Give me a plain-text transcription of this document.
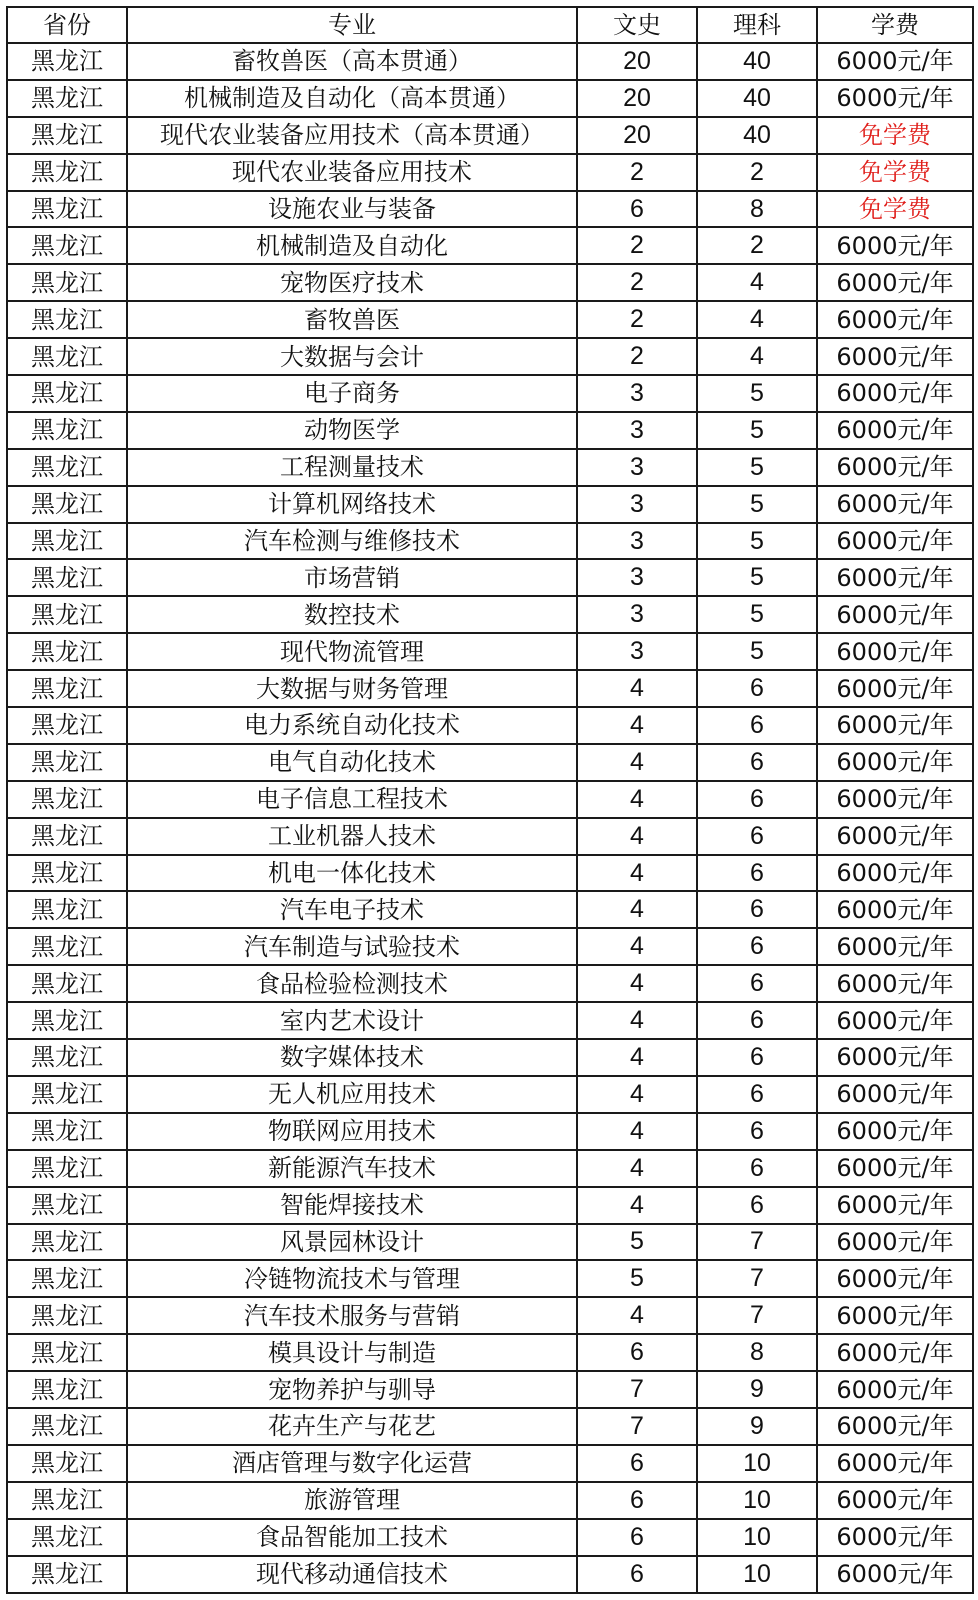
省份	专业	文史	理科	学费
黑龙江	畜牧兽医（高本贯通）	20	40	6000元/年
黑龙江	机械制造及自动化（高本贯通）	20	40	6000元/年
黑龙江	现代农业装备应用技术（高本贯通）	20	40	免学费
黑龙江	现代农业装备应用技术	2	2	免学费
黑龙江	设施农业与装备	6	8	免学费
黑龙江	机械制造及自动化	2	2	6000元/年
黑龙江	宠物医疗技术	2	4	6000元/年
黑龙江	畜牧兽医	2	4	6000元/年
黑龙江	大数据与会计	2	4	6000元/年
黑龙江	电子商务	3	5	6000元/年
黑龙江	动物医学	3	5	6000元/年
黑龙江	工程测量技术	3	5	6000元/年
黑龙江	计算机网络技术	3	5	6000元/年
黑龙江	汽车检测与维修技术	3	5	6000元/年
黑龙江	市场营销	3	5	6000元/年
黑龙江	数控技术	3	5	6000元/年
黑龙江	现代物流管理	3	5	6000元/年
黑龙江	大数据与财务管理	4	6	6000元/年
黑龙江	电力系统自动化技术	4	6	6000元/年
黑龙江	电气自动化技术	4	6	6000元/年
黑龙江	电子信息工程技术	4	6	6000元/年
黑龙江	工业机器人技术	4	6	6000元/年
黑龙江	机电一体化技术	4	6	6000元/年
黑龙江	汽车电子技术	4	6	6000元/年
黑龙江	汽车制造与试验技术	4	6	6000元/年
黑龙江	食品检验检测技术	4	6	6000元/年
黑龙江	室内艺术设计	4	6	6000元/年
黑龙江	数字媒体技术	4	6	6000元/年
黑龙江	无人机应用技术	4	6	6000元/年
黑龙江	物联网应用技术	4	6	6000元/年
黑龙江	新能源汽车技术	4	6	6000元/年
黑龙江	智能焊接技术	4	6	6000元/年
黑龙江	风景园林设计	5	7	6000元/年
黑龙江	冷链物流技术与管理	5	7	6000元/年
黑龙江	汽车技术服务与营销	4	7	6000元/年
黑龙江	模具设计与制造	6	8	6000元/年
黑龙江	宠物养护与驯导	7	9	6000元/年
黑龙江	花卉生产与花艺	7	9	6000元/年
黑龙江	酒店管理与数字化运营	6	10	6000元/年
黑龙江	旅游管理	6	10	6000元/年
黑龙江	食品智能加工技术	6	10	6000元/年
黑龙江	现代移动通信技术	6	10	6000元/年
